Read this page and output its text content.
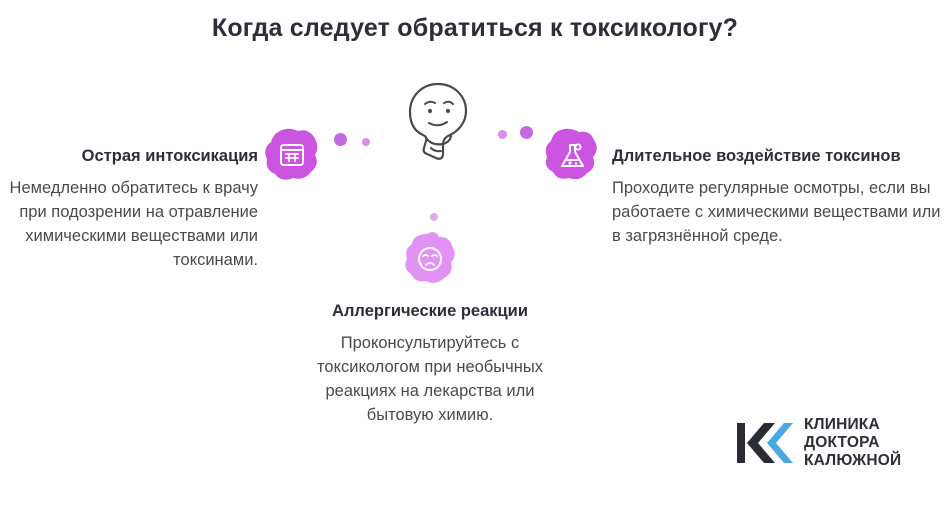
Когда следует обратиться к токсикологу?
Острая интоксикация
Немедленно обратитесь к врачу при подозрении на отравление химическими веществами или токсинами.
Длительное воздействие токсинов
Проходите регулярные осмотры, если вы работаете с химическими веществами или в загрязнённой среде.
Аллергические реакции
Проконсультируйтесь с токсикологом при необычных реакциях на лекарства или бытовую химию.	КЛИНИКА
ДОКТОРА
КАЛЮЖНОЙ
